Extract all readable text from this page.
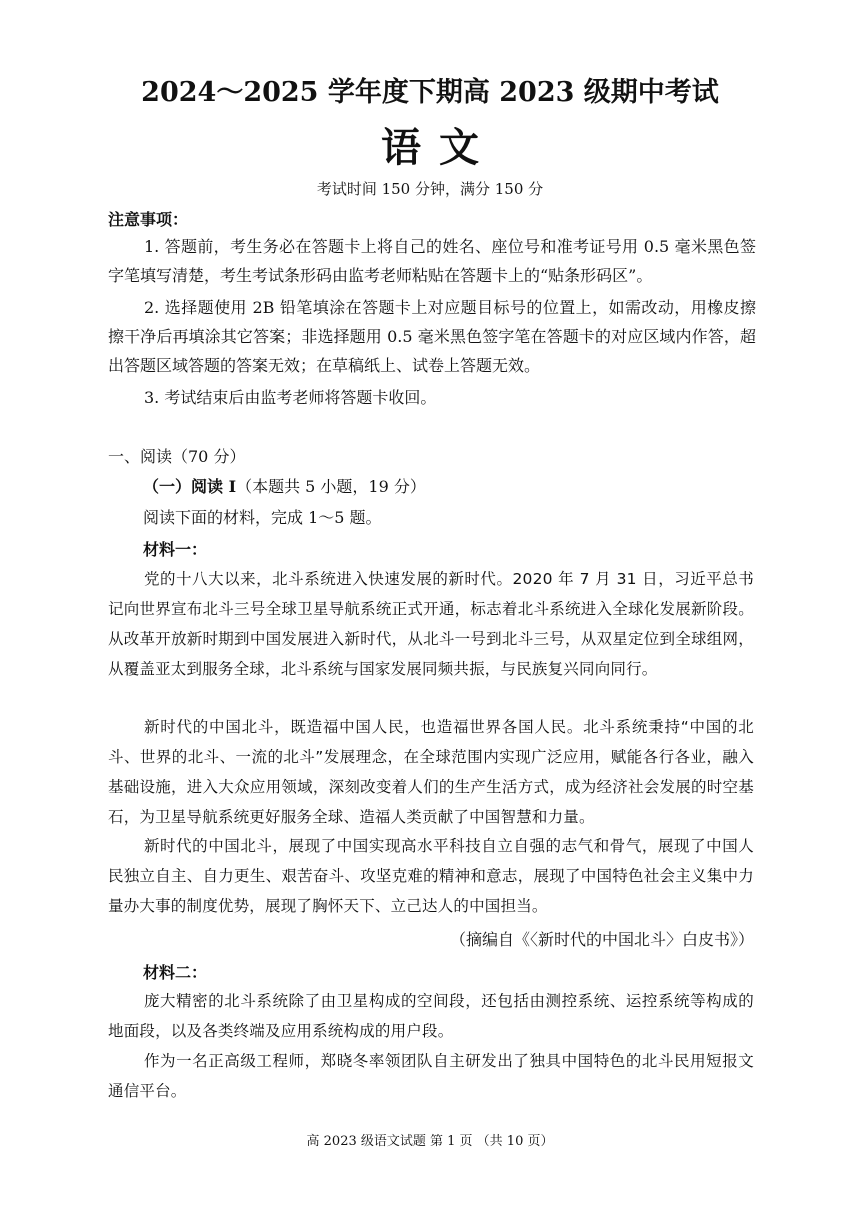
2024～2025 学年度下期高 2023 级期中考试
语文
考试时间 150 分钟，满分 150 分
注意事项：
1. 答题前，考生务必在答题卡上将自己的姓名、座位号和准考证号用 0.5 毫米黑色签字笔填写清楚，考生考试条形码由监考老师粘贴在答题卡上的“贴条形码区”。
2. 选择题使用 2B 铅笔填涂在答题卡上对应题目标号的位置上，如需改动，用橡皮擦擦干净后再填涂其它答案；非选择题用 0.5 毫米黑色签字笔在答题卡的对应区域内作答，超出答题区域答题的答案无效；在草稿纸上、试卷上答题无效。
3. 考试结束后由监考老师将答题卡收回。
一、阅读（70 分）
（一）阅读 I（本题共 5 小题，19 分）
阅读下面的材料，完成 1～5 题。
材料一：
党的十八大以来，北斗系统进入快速发展的新时代。2020 年 7 月 31 日，习近平总书记向世界宣布北斗三号全球卫星导航系统正式开通，标志着北斗系统进入全球化发展新阶段。从改革开放新时期到中国发展进入新时代，从北斗一号到北斗三号，从双星定位到全球组网，从覆盖亚太到服务全球，北斗系统与国家发展同频共振，与民族复兴同向同行。
新时代的中国北斗，既造福中国人民，也造福世界各国人民。北斗系统秉持“中国的北斗、世界的北斗、一流的北斗”发展理念，在全球范围内实现广泛应用，赋能各行各业，融入基础设施，进入大众应用领域，深刻改变着人们的生产生活方式，成为经济社会发展的时空基石，为卫星导航系统更好服务全球、造福人类贡献了中国智慧和力量。
新时代的中国北斗，展现了中国实现高水平科技自立自强的志气和骨气，展现了中国人民独立自主、自力更生、艰苦奋斗、攻坚克难的精神和意志，展现了中国特色社会主义集中力量办大事的制度优势，展现了胸怀天下、立己达人的中国担当。
（摘编自《〈新时代的中国北斗〉白皮书》）
材料二：
庞大精密的北斗系统除了由卫星构成的空间段，还包括由测控系统、运控系统等构成的地面段，以及各类终端及应用系统构成的用户段。
作为一名正高级工程师，郑晓冬率领团队自主研发出了独具中国特色的北斗民用短报文通信平台。
高 2023 级语文试题 第 1 页 （共 10 页）
